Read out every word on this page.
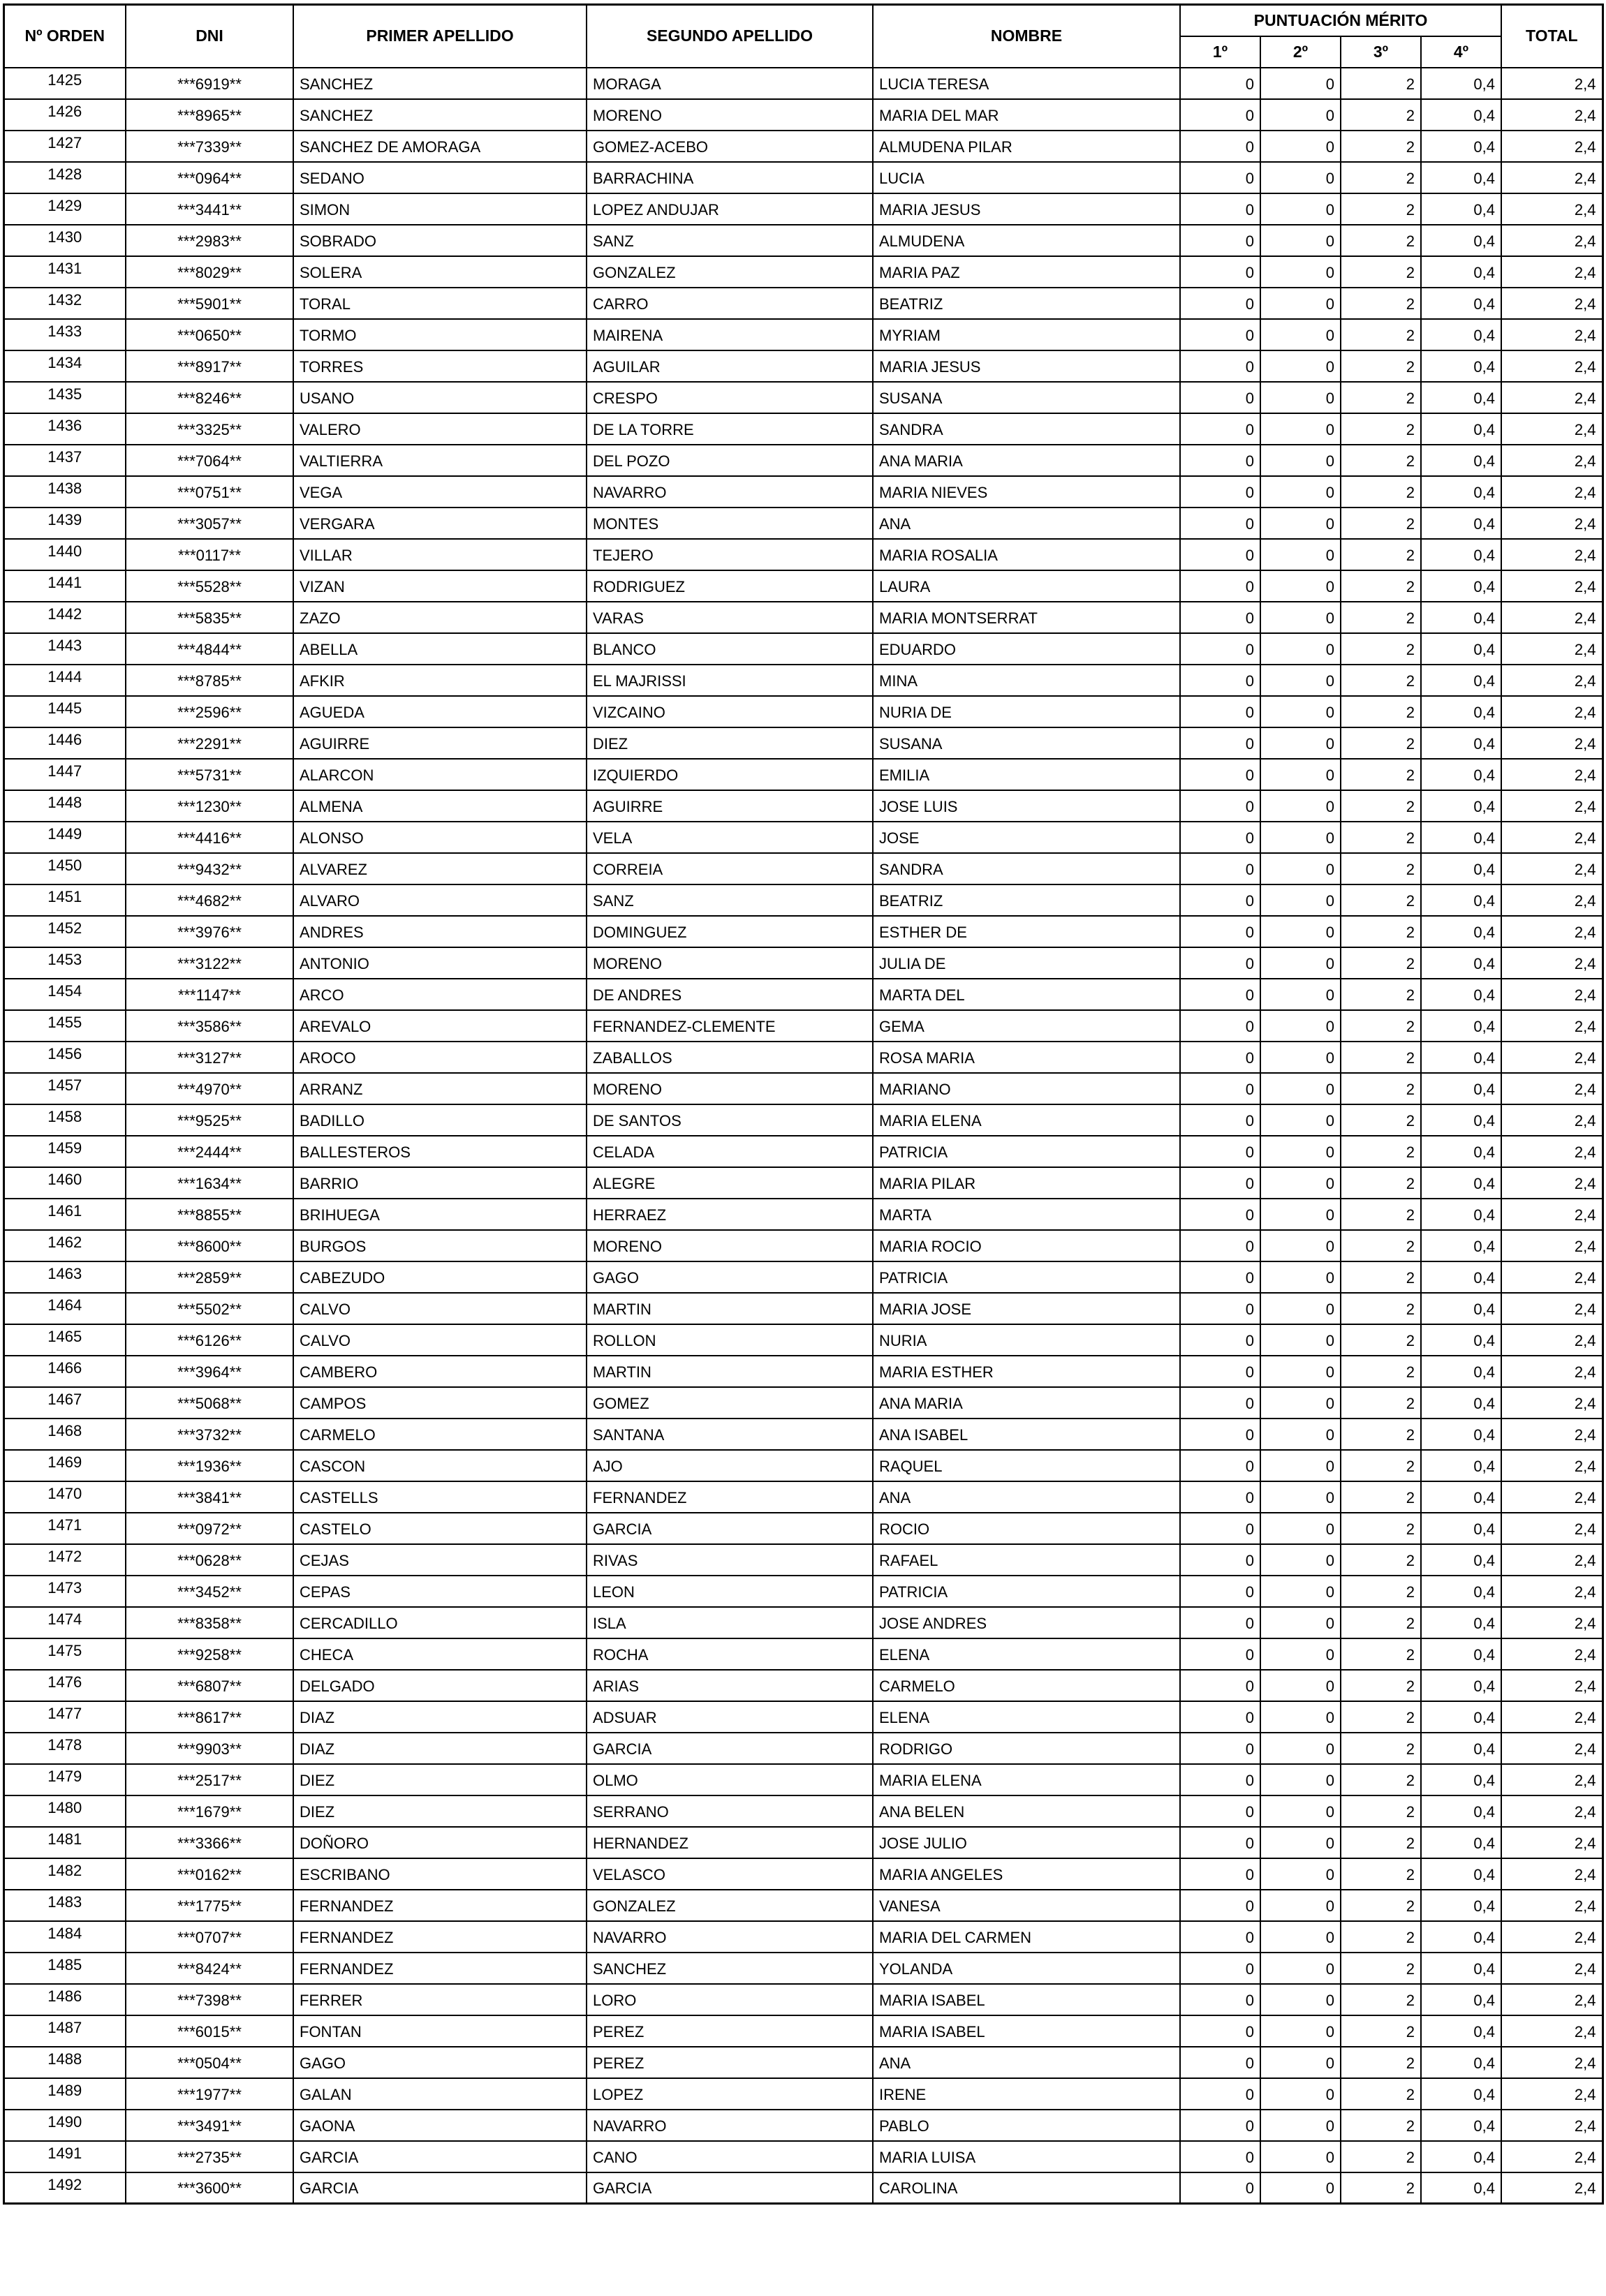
Nº ORDEN	DNI	PRIMER APELLIDO	SEGUNDO APELLIDO	NOMBRE	PUNTUACIÓN MÉRITO				TOTAL
					1º	2º	3º	4º	
1425	***6919**	SANCHEZ	MORAGA	LUCIA TERESA	0	0	2	0,4	2,4
1426	***8965**	SANCHEZ	MORENO	MARIA DEL MAR	0	0	2	0,4	2,4
1427	***7339**	SANCHEZ DE AMORAGA	GOMEZ-ACEBO	ALMUDENA PILAR	0	0	2	0,4	2,4
1428	***0964**	SEDANO	BARRACHINA	LUCIA	0	0	2	0,4	2,4
1429	***3441**	SIMON	LOPEZ ANDUJAR	MARIA JESUS	0	0	2	0,4	2,4
1430	***2983**	SOBRADO	SANZ	ALMUDENA	0	0	2	0,4	2,4
1431	***8029**	SOLERA	GONZALEZ	MARIA PAZ	0	0	2	0,4	2,4
1432	***5901**	TORAL	CARRO	BEATRIZ	0	0	2	0,4	2,4
1433	***0650**	TORMO	MAIRENA	MYRIAM	0	0	2	0,4	2,4
1434	***8917**	TORRES	AGUILAR	MARIA JESUS	0	0	2	0,4	2,4
1435	***8246**	USANO	CRESPO	SUSANA	0	0	2	0,4	2,4
1436	***3325**	VALERO	DE LA TORRE	SANDRA	0	0	2	0,4	2,4
1437	***7064**	VALTIERRA	DEL POZO	ANA MARIA	0	0	2	0,4	2,4
1438	***0751**	VEGA	NAVARRO	MARIA NIEVES	0	0	2	0,4	2,4
1439	***3057**	VERGARA	MONTES	ANA	0	0	2	0,4	2,4
1440	***0117**	VILLAR	TEJERO	MARIA ROSALIA	0	0	2	0,4	2,4
1441	***5528**	VIZAN	RODRIGUEZ	LAURA	0	0	2	0,4	2,4
1442	***5835**	ZAZO	VARAS	MARIA MONTSERRAT	0	0	2	0,4	2,4
1443	***4844**	ABELLA	BLANCO	EDUARDO	0	0	2	0,4	2,4
1444	***8785**	AFKIR	EL MAJRISSI	MINA	0	0	2	0,4	2,4
1445	***2596**	AGUEDA	VIZCAINO	NURIA DE	0	0	2	0,4	2,4
1446	***2291**	AGUIRRE	DIEZ	SUSANA	0	0	2	0,4	2,4
1447	***5731**	ALARCON	IZQUIERDO	EMILIA	0	0	2	0,4	2,4
1448	***1230**	ALMENA	AGUIRRE	JOSE LUIS	0	0	2	0,4	2,4
1449	***4416**	ALONSO	VELA	JOSE	0	0	2	0,4	2,4
1450	***9432**	ALVAREZ	CORREIA	SANDRA	0	0	2	0,4	2,4
1451	***4682**	ALVARO	SANZ	BEATRIZ	0	0	2	0,4	2,4
1452	***3976**	ANDRES	DOMINGUEZ	ESTHER DE	0	0	2	0,4	2,4
1453	***3122**	ANTONIO	MORENO	JULIA DE	0	0	2	0,4	2,4
1454	***1147**	ARCO	DE ANDRES	MARTA DEL	0	0	2	0,4	2,4
1455	***3586**	AREVALO	FERNANDEZ-CLEMENTE	GEMA	0	0	2	0,4	2,4
1456	***3127**	AROCO	ZABALLOS	ROSA MARIA	0	0	2	0,4	2,4
1457	***4970**	ARRANZ	MORENO	MARIANO	0	0	2	0,4	2,4
1458	***9525**	BADILLO	DE SANTOS	MARIA ELENA	0	0	2	0,4	2,4
1459	***2444**	BALLESTEROS	CELADA	PATRICIA	0	0	2	0,4	2,4
1460	***1634**	BARRIO	ALEGRE	MARIA PILAR	0	0	2	0,4	2,4
1461	***8855**	BRIHUEGA	HERRAEZ	MARTA	0	0	2	0,4	2,4
1462	***8600**	BURGOS	MORENO	MARIA ROCIO	0	0	2	0,4	2,4
1463	***2859**	CABEZUDO	GAGO	PATRICIA	0	0	2	0,4	2,4
1464	***5502**	CALVO	MARTIN	MARIA JOSE	0	0	2	0,4	2,4
1465	***6126**	CALVO	ROLLON	NURIA	0	0	2	0,4	2,4
1466	***3964**	CAMBERO	MARTIN	MARIA ESTHER	0	0	2	0,4	2,4
1467	***5068**	CAMPOS	GOMEZ	ANA MARIA	0	0	2	0,4	2,4
1468	***3732**	CARMELO	SANTANA	ANA ISABEL	0	0	2	0,4	2,4
1469	***1936**	CASCON	AJO	RAQUEL	0	0	2	0,4	2,4
1470	***3841**	CASTELLS	FERNANDEZ	ANA	0	0	2	0,4	2,4
1471	***0972**	CASTELO	GARCIA	ROCIO	0	0	2	0,4	2,4
1472	***0628**	CEJAS	RIVAS	RAFAEL	0	0	2	0,4	2,4
1473	***3452**	CEPAS	LEON	PATRICIA	0	0	2	0,4	2,4
1474	***8358**	CERCADILLO	ISLA	JOSE ANDRES	0	0	2	0,4	2,4
1475	***9258**	CHECA	ROCHA	ELENA	0	0	2	0,4	2,4
1476	***6807**	DELGADO	ARIAS	CARMELO	0	0	2	0,4	2,4
1477	***8617**	DIAZ	ADSUAR	ELENA	0	0	2	0,4	2,4
1478	***9903**	DIAZ	GARCIA	RODRIGO	0	0	2	0,4	2,4
1479	***2517**	DIEZ	OLMO	MARIA ELENA	0	0	2	0,4	2,4
1480	***1679**	DIEZ	SERRANO	ANA BELEN	0	0	2	0,4	2,4
1481	***3366**	DOÑORO	HERNANDEZ	JOSE JULIO	0	0	2	0,4	2,4
1482	***0162**	ESCRIBANO	VELASCO	MARIA ANGELES	0	0	2	0,4	2,4
1483	***1775**	FERNANDEZ	GONZALEZ	VANESA	0	0	2	0,4	2,4
1484	***0707**	FERNANDEZ	NAVARRO	MARIA DEL CARMEN	0	0	2	0,4	2,4
1485	***8424**	FERNANDEZ	SANCHEZ	YOLANDA	0	0	2	0,4	2,4
1486	***7398**	FERRER	LORO	MARIA ISABEL	0	0	2	0,4	2,4
1487	***6015**	FONTAN	PEREZ	MARIA ISABEL	0	0	2	0,4	2,4
1488	***0504**	GAGO	PEREZ	ANA	0	0	2	0,4	2,4
1489	***1977**	GALAN	LOPEZ	IRENE	0	0	2	0,4	2,4
1490	***3491**	GAONA	NAVARRO	PABLO	0	0	2	0,4	2,4
1491	***2735**	GARCIA	CANO	MARIA LUISA	0	0	2	0,4	2,4
1492	***3600**	GARCIA	GARCIA	CAROLINA	0	0	2	0,4	2,4
